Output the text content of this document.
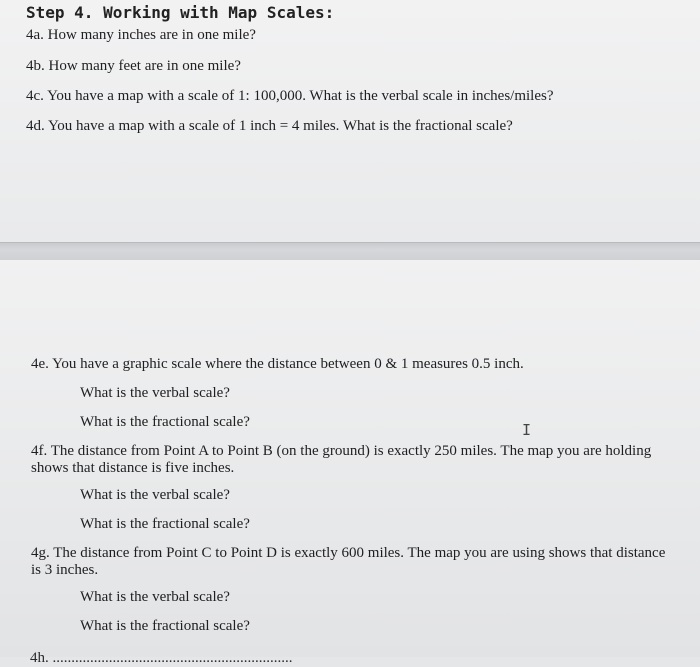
Step 4. Working with Map Scales:
4a. How many inches are in one mile?
4b. How many feet are in one mile?
4c. You have a map with a scale of 1: 100,000. What is the verbal scale in inches/miles?
4d. You have a map with a scale of 1 inch = 4 miles. What is the fractional scale?
4e. You have a graphic scale where the distance between 0 & 1 measures 0.5 inch.
What is the verbal scale?
What is the fractional scale?	I
4f. The distance from Point A to Point B (on the ground) is exactly 250 miles. The map you are holding shows that distance is five inches.
What is the verbal scale?
What is the fractional scale?
4g. The distance from Point C to Point D is exactly 600 miles. The map you are using shows that distance is 3 inches.
What is the verbal scale?
What is the fractional scale?
4h. ................................................................
